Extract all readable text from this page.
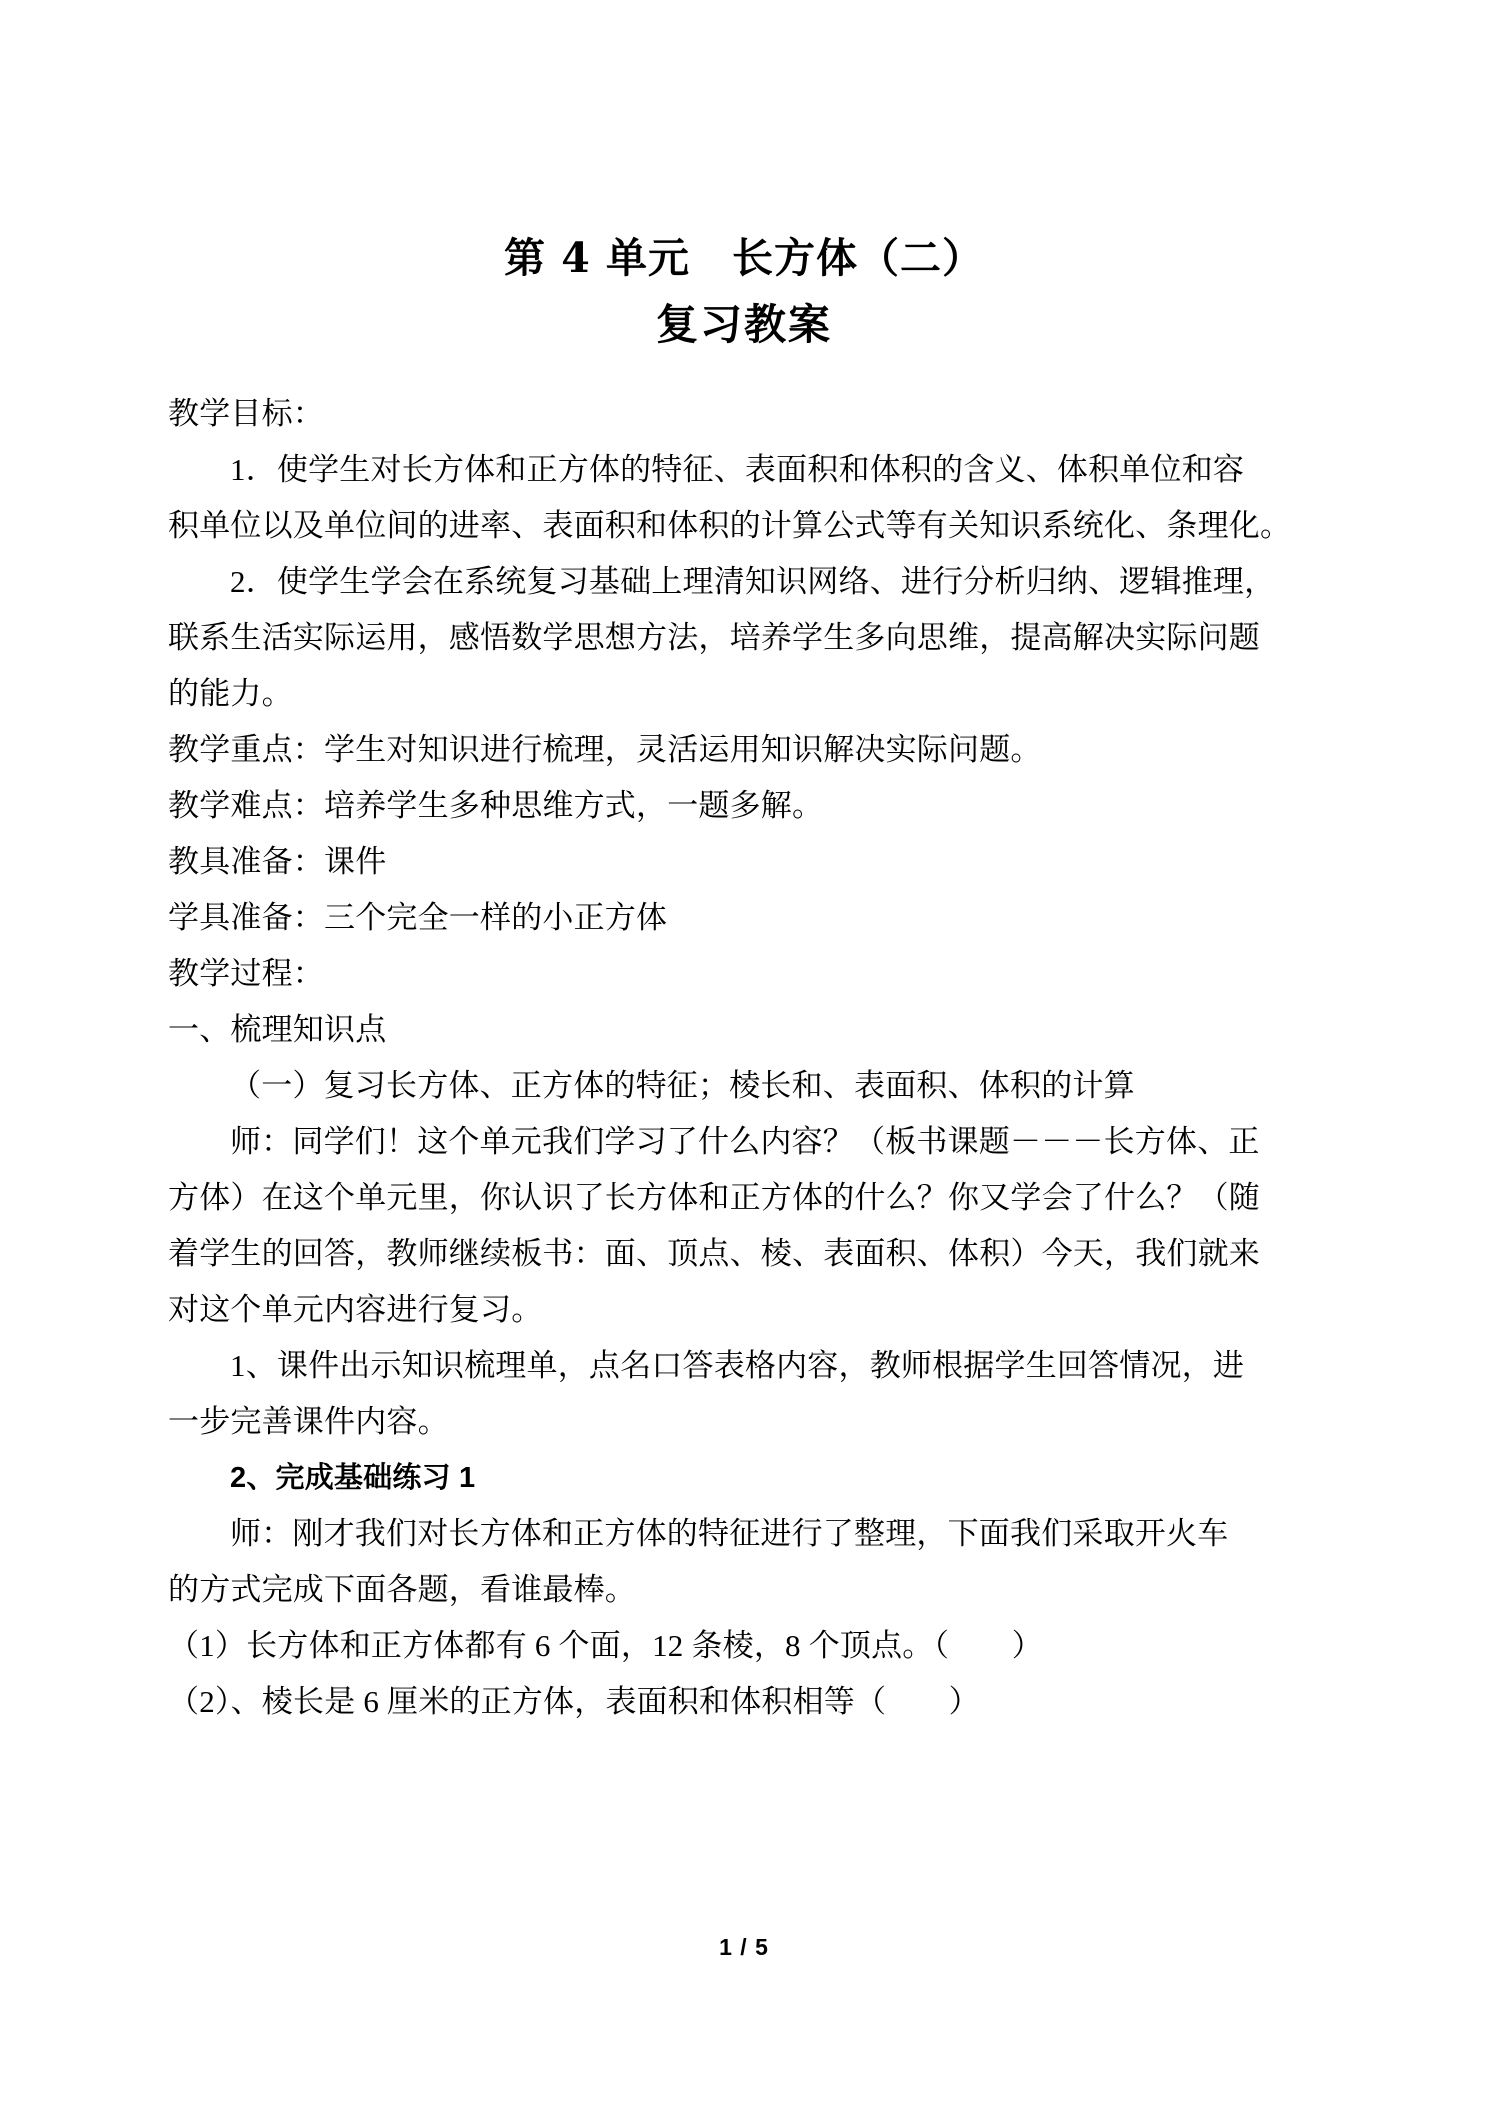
第 4 单元　长方体（二）
复习教案
教学目标：
1．使学生对长方体和正方体的特征、表面积和体积的含义、体积单位和容
积单位以及单位间的进率、表面积和体积的计算公式等有关知识系统化、条理化。
2．使学生学会在系统复习基础上理清知识网络、进行分析归纳、逻辑推理，
联系生活实际运用，感悟数学思想方法，培养学生多向思维，提高解决实际问题
的能力。
教学重点：学生对知识进行梳理，灵活运用知识解决实际问题。
教学难点：培养学生多种思维方式，一题多解。
教具准备：课件
学具准备：三个完全一样的小正方体
教学过程：
一、梳理知识点
（一）复习长方体、正方体的特征；棱长和、表面积、体积的计算
师：同学们！这个单元我们学习了什么内容？（板书课题－－－长方体、正
方体）在这个单元里，你认识了长方体和正方体的什么？你又学会了什么？（随
着学生的回答，教师继续板书：面、顶点、棱、表面积、体积）今天，我们就来
对这个单元内容进行复习。
1、课件出示知识梳理单，点名口答表格内容，教师根据学生回答情况，进
一步完善课件内容。
2、完成基础练习 1
师：刚才我们对长方体和正方体的特征进行了整理，下面我们采取开火车
的方式完成下面各题，看谁最棒。
（1）长方体和正方体都有 6 个面，12 条棱，8 个顶点。（　　）
（2）、棱长是 6 厘米的正方体，表面积和体积相等（　　）
1 / 5
